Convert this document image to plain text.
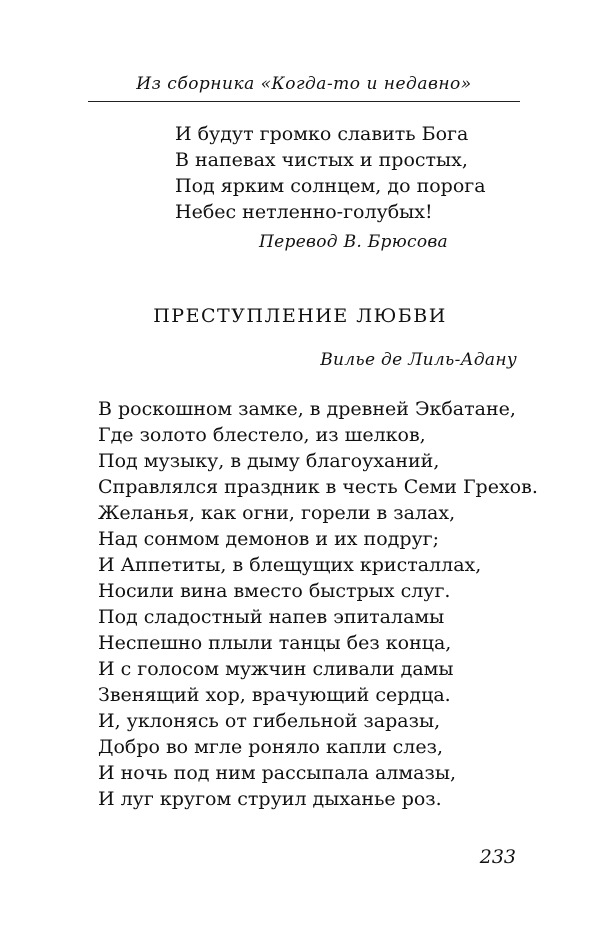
Из сборника «Когда-то и недавно»
И будут громко славить Бога
В напевах чистых и простых,
Под ярким солнцем, до порога
Небес нетленно-голубых!
Перевод В. Брюсова
ПРЕСТУПЛЕНИЕ ЛЮБВИ
Вилье де Лиль-Адану
В роскошном замке, в древней Экбатане,
Где золото блестело, из шелков,
Под музыку, в дыму благоуханий,
Справлялся праздник в честь Семи Грехов.
Желанья, как огни, горели в залах,
Над сонмом демонов и их подруг;
И Аппетиты, в блещущих кристаллах,
Носили вина вместо быстрых слуг.
Под сладостный напев эпиталамы
Неспешно плыли танцы без конца,
И с голосом мужчин сливали дамы
Звенящий хор, врачующий сердца.
И, уклонясь от гибельной заразы,
Добро во мгле роняло капли слез,
И ночь под ним рассыпала алмазы,
И луг кругом струил дыханье роз.
233
